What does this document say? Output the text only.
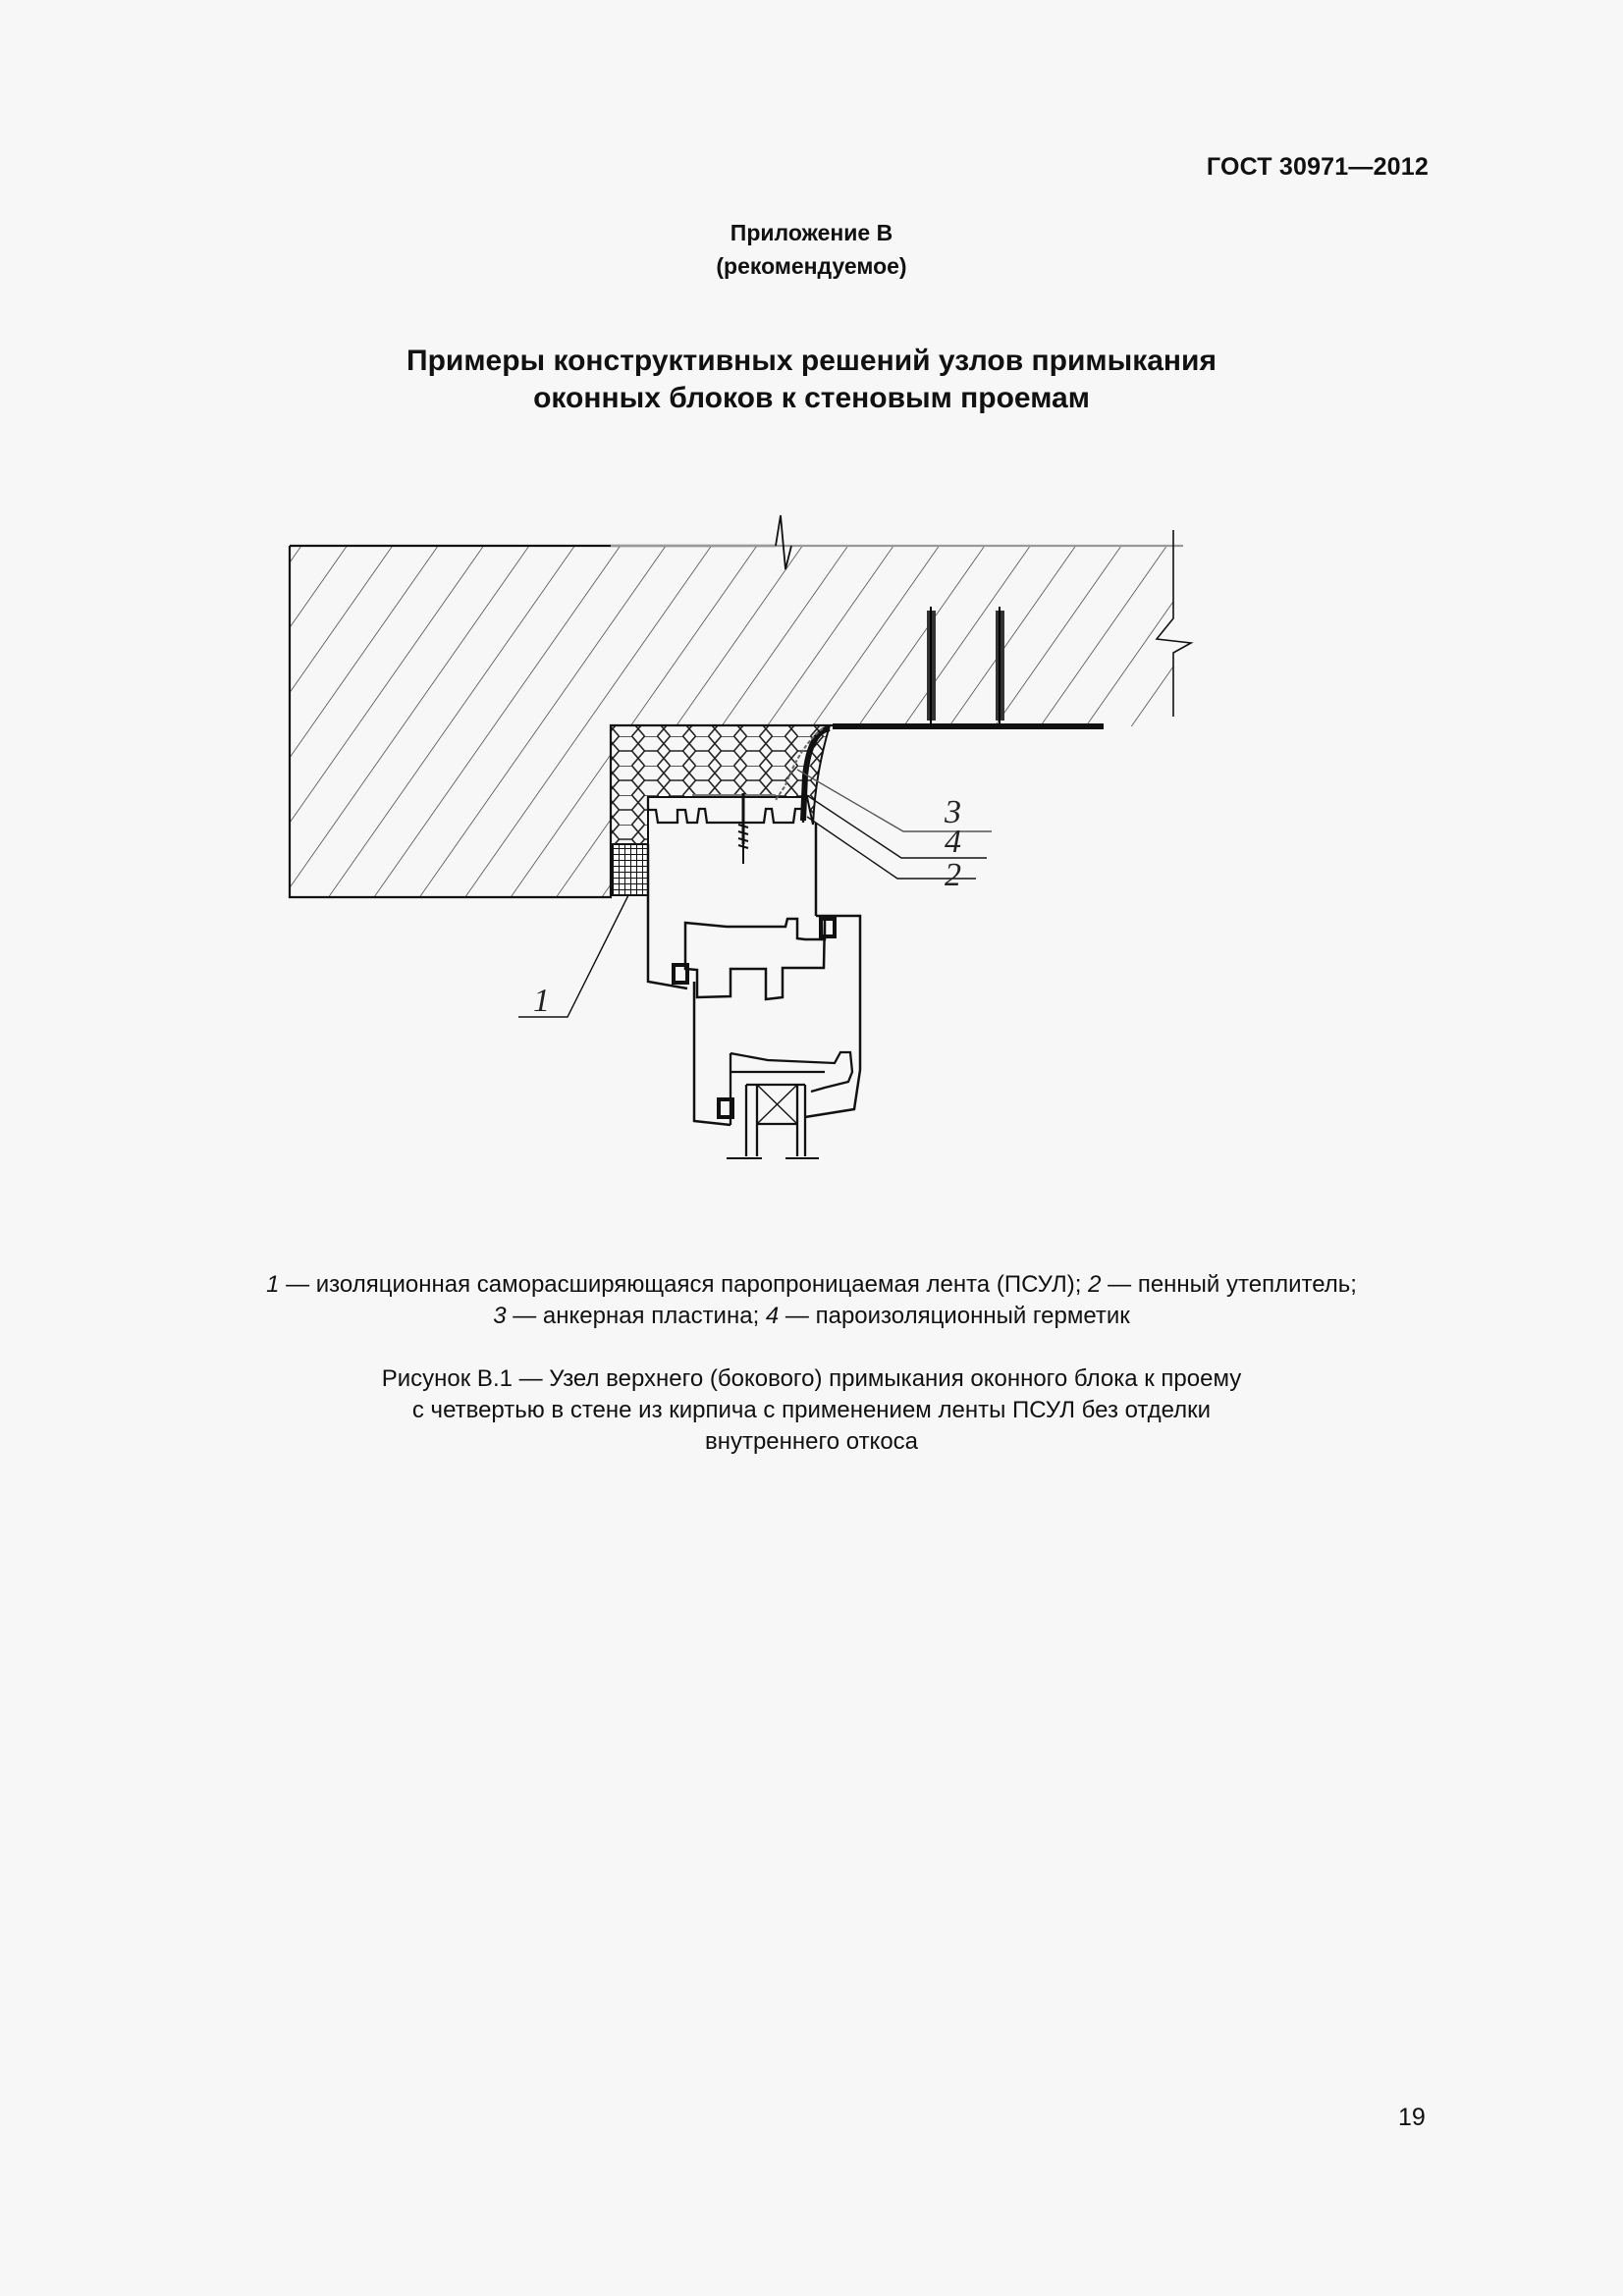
ГОСТ 30971—2012
Приложение В
(рекомендуемое)
Примеры конструктивных решений узлов примыкания
оконных блоков к стеновым проемам
1
3
4
2
1 — изоляционная саморасширяющаяся паропроницаемая лента (ПСУЛ); 2 — пенный утеплитель;
3 — анкерная пластина; 4 — пароизоляционный герметик
Рисунок В.1 — Узел верхнего (бокового) примыкания оконного блока к проему
с четвертью в стене из кирпича с применением ленты ПСУЛ без отделки
внутреннего откоса
19
